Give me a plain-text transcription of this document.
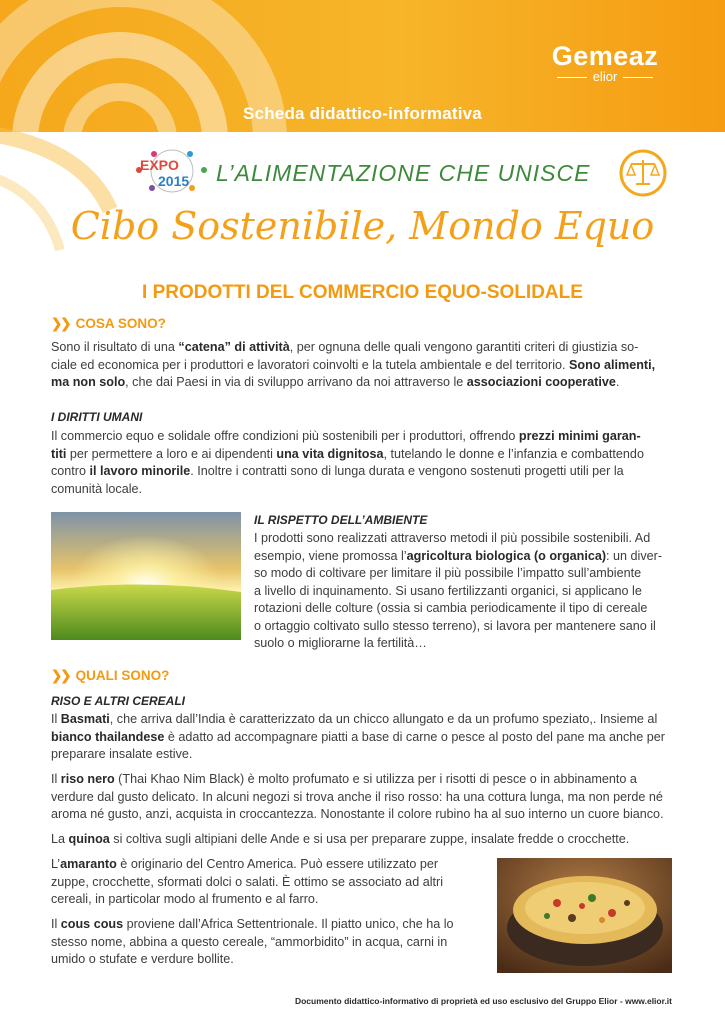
Gemeaz
elior
Scheda didattico-informativa
EXPO
2015 L’ALIMENTAZIONE CHE UNISCE
Cibo Sostenibile, Mondo Equo
I PRODOTTI DEL COMMERCIO EQUO-SOLIDALE
❯❯ COSA SONO?
Sono il risultato di una “catena” di attività, per ognuna delle quali vengono garantiti criteri di giustizia so-
ciale ed economica per i produttori e lavoratori coinvolti e la tutela ambientale e del territorio. Sono alimenti,
ma non solo, che dai Paesi in via di sviluppo arrivano da noi attraverso le associazioni cooperative.
I DIRITTI UMANI
Il commercio equo e solidale offre condizioni più sostenibili per i produttori, offrendo prezzi minimi garan-
titi per permettere a loro e ai dipendenti una vita dignitosa, tutelando le donne e l’infanzia e combattendo
contro il lavoro minorile. Inoltre i contratti sono di lunga durata e vengono sostenuti progetti utili per la
comunità locale.
IL RISPETTO DELL’AMBIENTE
I prodotti sono realizzati attraverso metodi il più possibile sostenibili. Ad
esempio, viene promossa l’agricoltura biologica (o organica): un diver-
so modo di coltivare per limitare il più possibile l’impatto sull’ambiente
a livello di inquinamento. Si usano fertilizzanti organici, si applicano le
rotazioni delle colture (ossia si cambia periodicamente il tipo di cereale
o ortaggio coltivato sullo stesso terreno), si lavora per mantenere sano il
suolo o migliorarne la fertilità…
❯❯ QUALI SONO?
RISO E ALTRI CEREALI
Il Basmati, che arriva dall’India è caratterizzato da un chicco allungato e da un profumo speziato,. Insieme al
bianco thailandese è adatto ad accompagnare piatti a base di carne o pesce al posto del pane ma anche per
preparare insalate estive.
Il riso nero (Thai Khao Nim Black) è molto profumato e si utilizza per i risotti di pesce o in abbinamento a
verdure dal gusto delicato. In alcuni negozi si trova anche il riso rosso: ha una cottura lunga, ma non perde né
aroma né gusto, anzi, acquista in croccantezza. Nonostante il colore rubino ha al suo interno un cuore bianco.
La quinoa si coltiva sugli altipiani delle Ande e si usa per preparare zuppe, insalate fredde o crocchette.
L’amaranto è originario del Centro America. Può essere utilizzato per
zuppe, crocchette, sformati dolci o salati. È ottimo se associato ad altri
cereali, in particolar modo al frumento e al farro.
Il cous cous proviene dall’Africa Settentrionale. Il piatto unico, che ha lo
stesso nome, abbina a questo cereale, “ammorbidito” in acqua, carni in
umido o stufate e verdure bollite.
Documento didattico-informativo di proprietà ed uso esclusivo del Gruppo Elior - www.elior.it
